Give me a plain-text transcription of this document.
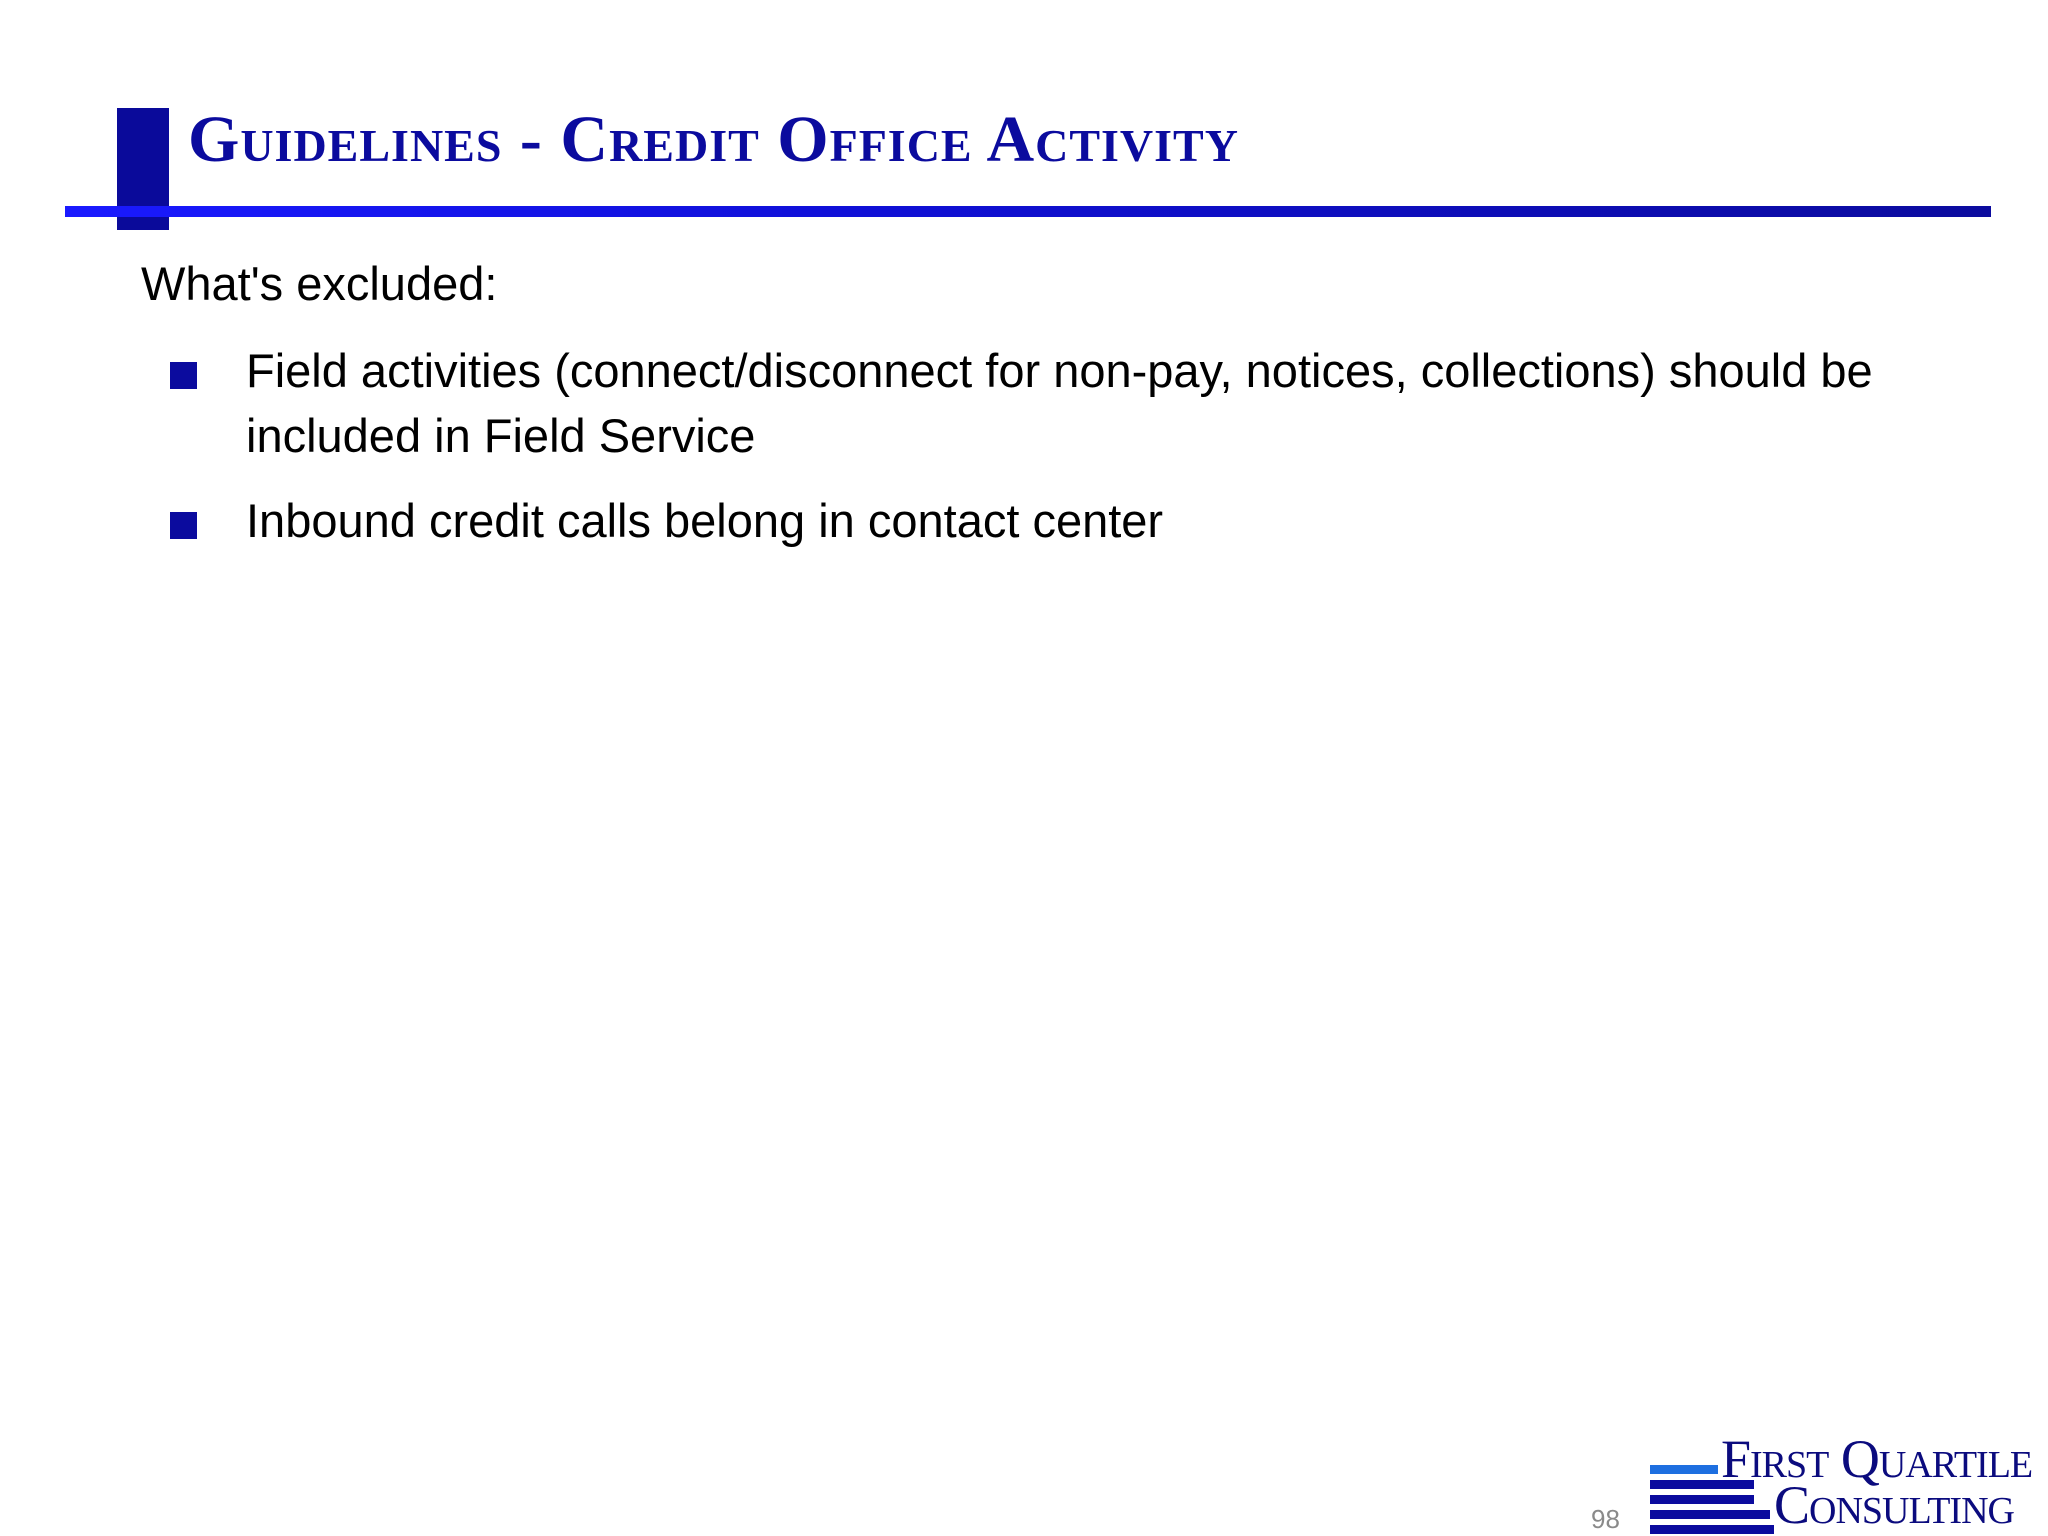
Guidelines - Credit Office Activity
What's excluded:
Field activities (connect/disconnect for non-pay, notices, collections) should be included in Field Service
Inbound credit calls belong in contact center
98
First Quartile
Consulting
